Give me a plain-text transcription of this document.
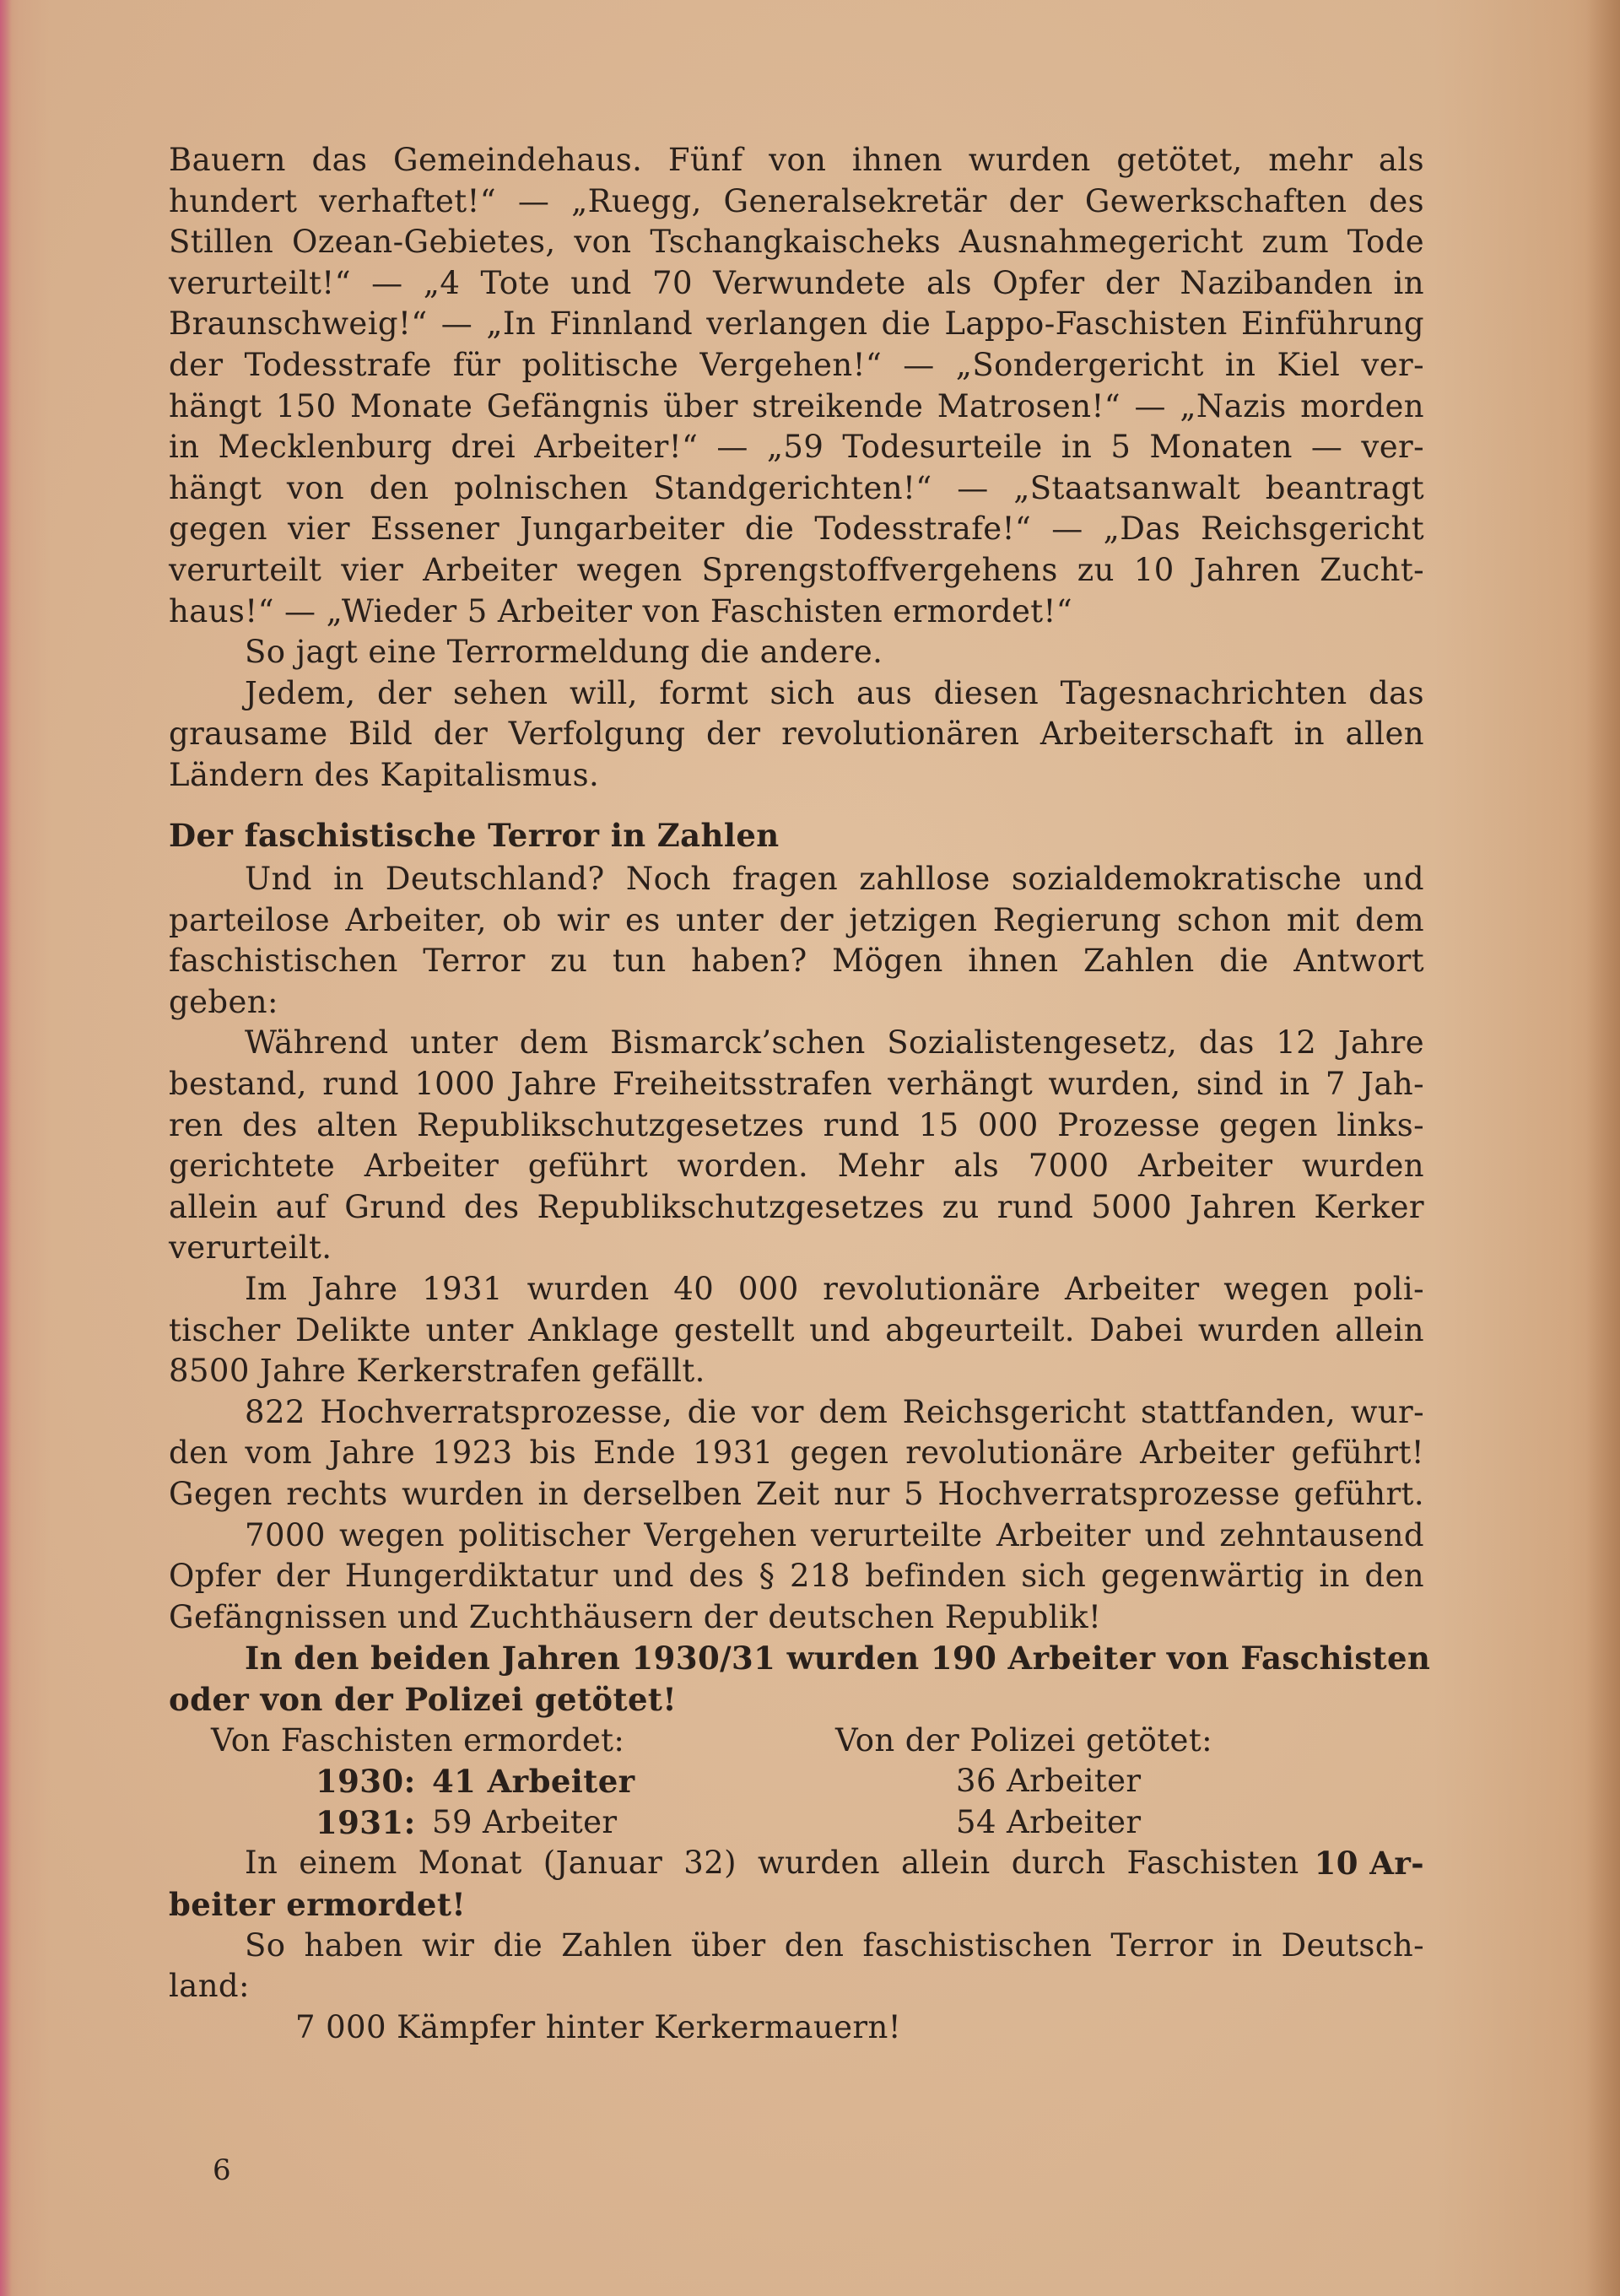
Bauern das Gemeindehaus. Fünf von ihnen wurden getötet, mehr als
hundert verhaftet!“ — „Ruegg, Generalsekretär der Gewerkschaften des
Stillen Ozean-Gebietes, von Tschangkaischeks Ausnahmegericht zum Tode
verurteilt!“ — „4 Tote und 70 Verwundete als Opfer der Nazibanden in
Braunschweig!“ — „In Finnland verlangen die Lappo-Faschisten Einführung
der Todesstrafe für politische Vergehen!“ — „Sondergericht in Kiel ver-
hängt 150 Monate Gefängnis über streikende Matrosen!“ — „Nazis morden
in Mecklenburg drei Arbeiter!“ — „59 Todesurteile in 5 Monaten — ver-
hängt von den polnischen Standgerichten!“ — „Staatsanwalt beantragt
gegen vier Essener Jungarbeiter die Todesstrafe!“ — „Das Reichsgericht
verurteilt vier Arbeiter wegen Sprengstoffvergehens zu 10 Jahren Zucht-
haus!“ — „Wieder 5 Arbeiter von Faschisten ermordet!“
So jagt eine Terrormeldung die andere.
Jedem, der sehen will, formt sich aus diesen Tagesnachrichten das
grausame Bild der Verfolgung der revolutionären Arbeiterschaft in allen
Ländern des Kapitalismus.
Der faschistische Terror in Zahlen
Und in Deutschland? Noch fragen zahllose sozialdemokratische und
parteilose Arbeiter, ob wir es unter der jetzigen Regierung schon mit dem
faschistischen Terror zu tun haben? Mögen ihnen Zahlen die Antwort
geben:
Während unter dem Bismarck’schen Sozialistengesetz, das 12 Jahre
bestand, rund 1000 Jahre Freiheitsstrafen verhängt wurden, sind in 7 Jah-
ren des alten Republikschutzgesetzes rund 15 000 Prozesse gegen links-
gerichtete Arbeiter geführt worden. Mehr als 7000 Arbeiter wurden
allein auf Grund des Republikschutzgesetzes zu rund 5000 Jahren Kerker
verurteilt.
Im Jahre 1931 wurden 40 000 revolutionäre Arbeiter wegen poli-
tischer Delikte unter Anklage gestellt und abgeurteilt. Dabei wurden allein
8500 Jahre Kerkerstrafen gefällt.
822 Hochverratsprozesse, die vor dem Reichsgericht stattfanden, wur-
den vom Jahre 1923 bis Ende 1931 gegen revolutionäre Arbeiter geführt!
Gegen rechts wurden in derselben Zeit nur 5 Hochverratsprozesse geführt.
7000 wegen politischer Vergehen verurteilte Arbeiter und zehntausend
Opfer der Hungerdiktatur und des § 218 befinden sich gegenwärtig in den
Gefängnissen und Zuchthäusern der deutschen Republik!
In den beiden Jahren 1930/31 wurden 190 Arbeiter von Faschisten
oder von der Polizei getötet!
Von Faschisten ermordet:	Von der Polizei getötet:
1930: 41 Arbeiter	36 Arbeiter
1931: 59 Arbeiter	54 Arbeiter
In einem Monat (Januar 32) wurden allein durch Faschisten 10 Ar-
beiter ermordet!
So haben wir die Zahlen über den faschistischen Terror in Deutsch-
land:
7 000 Kämpfer hinter Kerkermauern!
6
